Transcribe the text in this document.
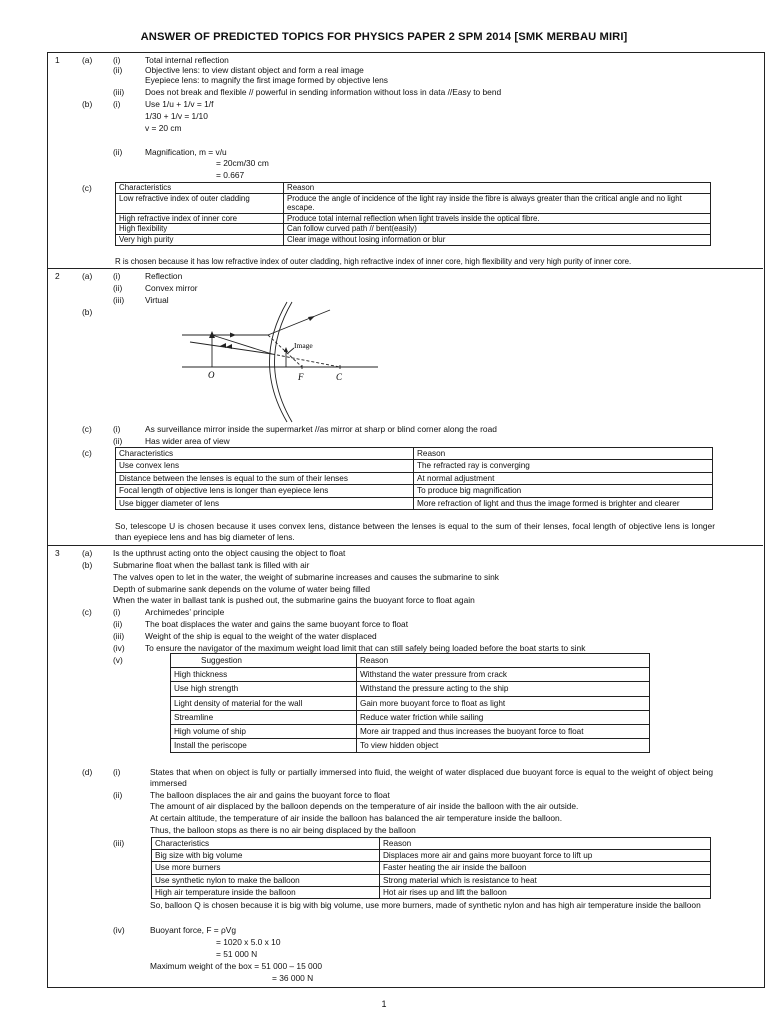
ANSWER OF PREDICTED TOPICS FOR PHYSICS PAPER 2 SPM 2014 [SMK MERBAU MIRI]
1	(a) (i)	Total internal reflection
(ii)	Objective lens: to view distant object and form a real image
Eyepiece lens: to magnify the first image formed by objective lens
(iii) Does not break and flexible // powerful in sending information without loss in data //Easy to bend
(b) (i)	Use 1/u + 1/v = 1/f
1/30 + 1/v = 1/10
v = 20 cm
(ii)	Magnification, m = v/u
= 20cm/30 cm
= 0.667
(c)	Characteristics	Reason
Low refractive index of outer cladding	Produce the angle of incidence of the light ray inside the fibre is always greater than the critical angle and no light escape.
High refractive index of inner core	Produce total internal reflection when light travels inside the optical fibre.
High flexibility	Can follow curved path // bent(easily)
Very high purity	Clear image without losing information or blur
R is chosen because it has low refractive index of outer cladding, high refractive index of inner core, high flexibility and very high purity of inner core.
2	(a) (i)	Reflection
(ii)	Convex mirror
(iii) Virtual
(b)
Image
O	F	C
(c)	(i)	As surveillance mirror inside the supermarket //as mirror at sharp or blind corner along the road
(ii)	Has wider area of view
(c)	Characteristics	Reason
Use convex lens	The refracted ray is converging
Distance between the lenses is equal to the sum of their lenses	At normal adjustment
Focal length of objective lens is longer than eyepiece lens	To produce big magnification
Use bigger diameter of lens	More refraction of light and thus the image formed is brighter and clearer
So, telescope U is chosen because it uses convex lens, distance between the lenses is equal to the sum of their lenses, focal length of objective lens is longer than eyepiece lens and has big diameter of lens.
3	(a) Is the upthrust acting onto the object causing the object to float
(b) Submarine float when the ballast tank is filled with air
The valves open to let in the water, the weight of submarine increases and causes the submarine to sink
Depth of submarine sank depends on the volume of water being filled
When the water in ballast tank is pushed out, the submarine gains the buoyant force to float again
(c)	(i)	Archimedes’ principle
(ii)	The boat displaces the water and gains the same buoyant force to float
(iii) Weight of the ship is equal to the weight of the water displaced
(iv) To ensure the navigator of the maximum weight load limit that can still safely being loaded before the boat starts to sink
(v)	Suggestion	Reason
High thickness	Withstand the water pressure from crack
Use high strength	Withstand the pressure acting to the ship
Light density of material for the wall	Gain more buoyant force to float as light
Streamline	Reduce water friction while sailing
High volume of ship	More air trapped and thus increases the buoyant force to float
Install the periscope	To view hidden object
(d) (i)	States that when on object is fully or partially immersed into fluid, the weight of water displaced due buoyant force is equal to the weight of object being immersed
(ii)	The balloon displaces the air and gains the buoyant force to float
The amount of air displaced by the balloon depends on the temperature of air inside the balloon with the air outside.
At certain altitude, the temperature of air inside the balloon has balanced the air temperature inside the balloon.
Thus, the balloon stops as there is no air being displaced by the balloon
(iii)	Characteristics	Reason
Big size with big volume	Displaces more air and gains more buoyant force to lift up
Use more burners	Faster heating the air inside the balloon
Use synthetic nylon to make the balloon	Strong material which is resistance to heat
High air temperature inside the balloon	Hot air rises up and lift the balloon
So, balloon Q is chosen because it is big with big volume, use more burners, made of synthetic nylon and has high air temperature inside the balloon
(iv)	Buoyant force, F = ρVg
= 1020 x 5.0 x 10
= 51 000 N
Maximum weight of the box = 51 000 – 15 000
= 36 000 N
1
